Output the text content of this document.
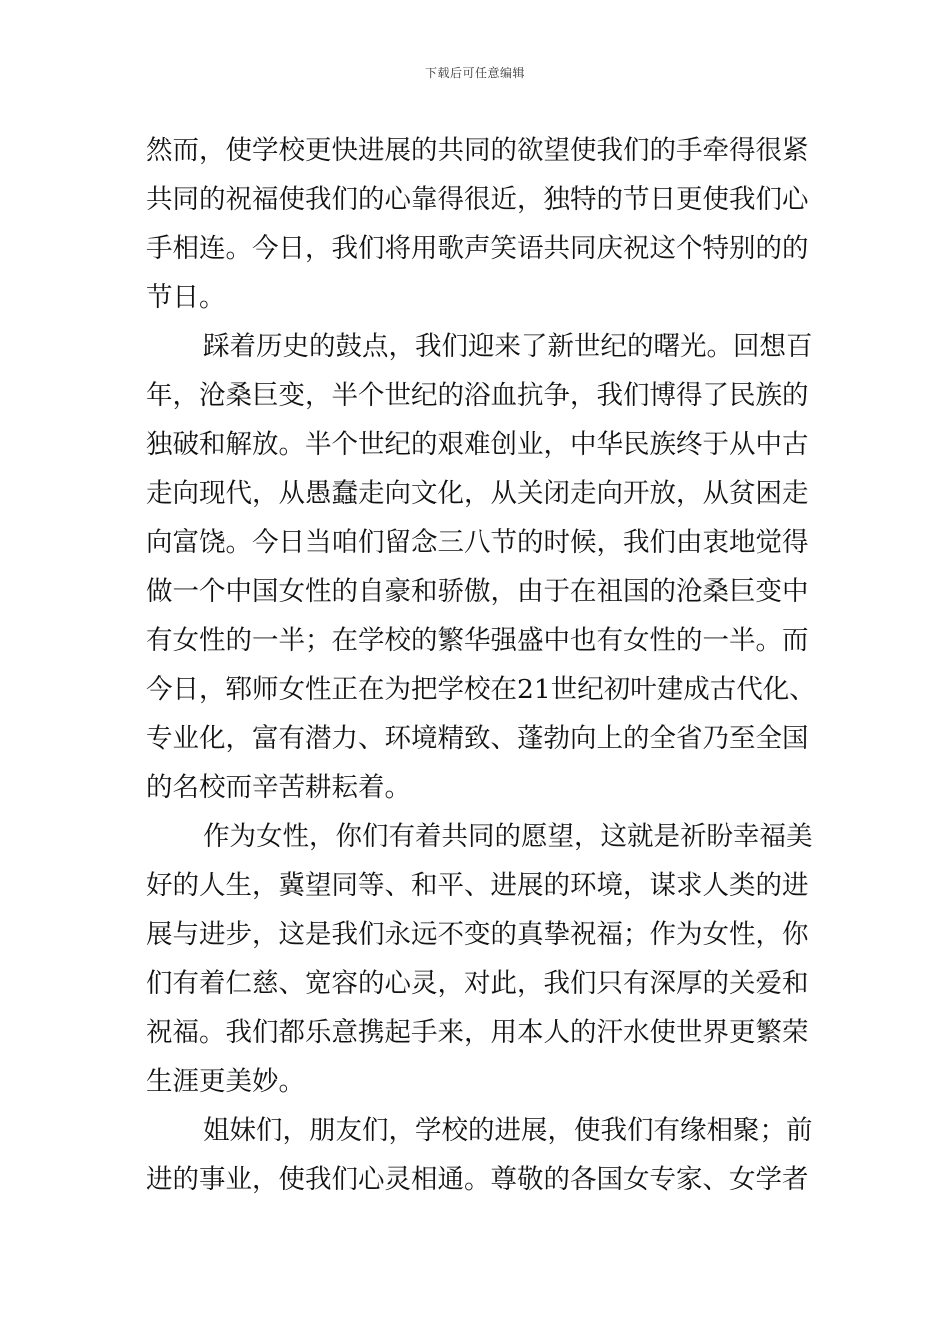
下载后可任意编辑
然而，使学校更快进展的共同的欲望使我们的手牵得很紧
共同的祝福使我们的心靠得很近，独特的节日更使我们心
手相连。今日，我们将用歌声笑语共同庆祝这个特别的的
节日。
踩着历史的鼓点，我们迎来了新世纪的曙光。回想百
年，沧桑巨变，半个世纪的浴血抗争，我们博得了民族的
独破和解放。半个世纪的艰难创业，中华民族终于从中古
走向现代，从愚蠢走向文化，从关闭走向开放，从贫困走
向富饶。今日当咱们留念三八节的时候，我们由衷地觉得
做一个中国女性的自豪和骄傲，由于在祖国的沧桑巨变中
有女性的一半；在学校的繁华强盛中也有女性的一半。而
今日，郓师女性正在为把学校在21世纪初叶建成古代化、
专业化，富有潜力、环境精致、蓬勃向上的全省乃至全国
的名校而辛苦耕耘着。
作为女性，你们有着共同的愿望，这就是祈盼幸福美
好的人生，冀望同等、和平、进展的环境，谋求人类的进
展与进步，这是我们永远不变的真挚祝福；作为女性，你
们有着仁慈、宽容的心灵，对此，我们只有深厚的关爱和
祝福。我们都乐意携起手来，用本人的汗水使世界更繁荣
生涯更美妙。
姐妹们，朋友们，学校的进展，使我们有缘相聚；前
进的事业，使我们心灵相通。尊敬的各国女专家、女学者
